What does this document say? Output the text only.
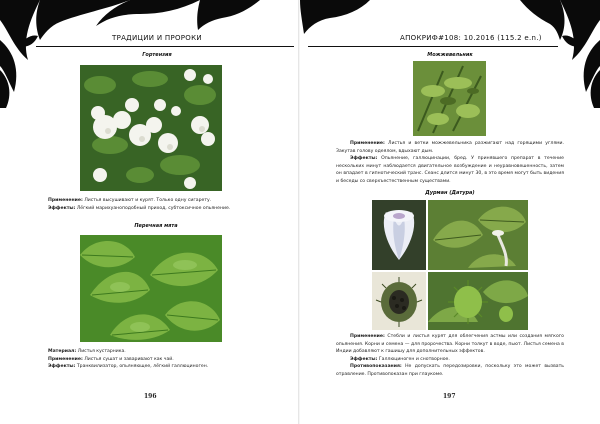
ТРАДИЦИИ И ПРОРОКИ
Гортензия
Применение: Листья высушивают и курят. Только одну сигарету.
Эффекты: Лёгкий марихуаноподобный приход, субтоксичное опьянение.
Перечная мята
Материал: Листья кустарника.
Применение: Листья сушат и заваривают как чай.
Эффекты: Транквилизатор, опьяняющее, лёгкий галлюциноген.
196
АПОКРИФ#108: 10.2016 (115.2 e.n.)
Можжевельник
Применение: Листья и ветки можжевельника разжигают над горящими углями. Закутав голову одеялом, вдыхают дым.
Эффекты: Опьянение, галлюцинации, бред. У принявшего препарат в течение нескольких минут наблюдается двигательное возбуждение и неуравновешенность, затем он впадает в гипнотический транс. Сеанс длится минут 30, в это время могут быть видения и беседы со сверхъестественным существами.
Дурман (Датура)
Применение: Стебли и листья курят для облегчения астмы или создания мягкого опьянения. Корни и семена — для пророчества. Корни толкут в воде, пьют. Листья семена в Индии добавляют к гашишу для дополнительных эффектов.
Эффекты: Галлюциноген и снотворное.
Противопоказания: Не допускать передозировки, поскольку это может вызвать отравление. Противопоказан при глаукоме.
197
